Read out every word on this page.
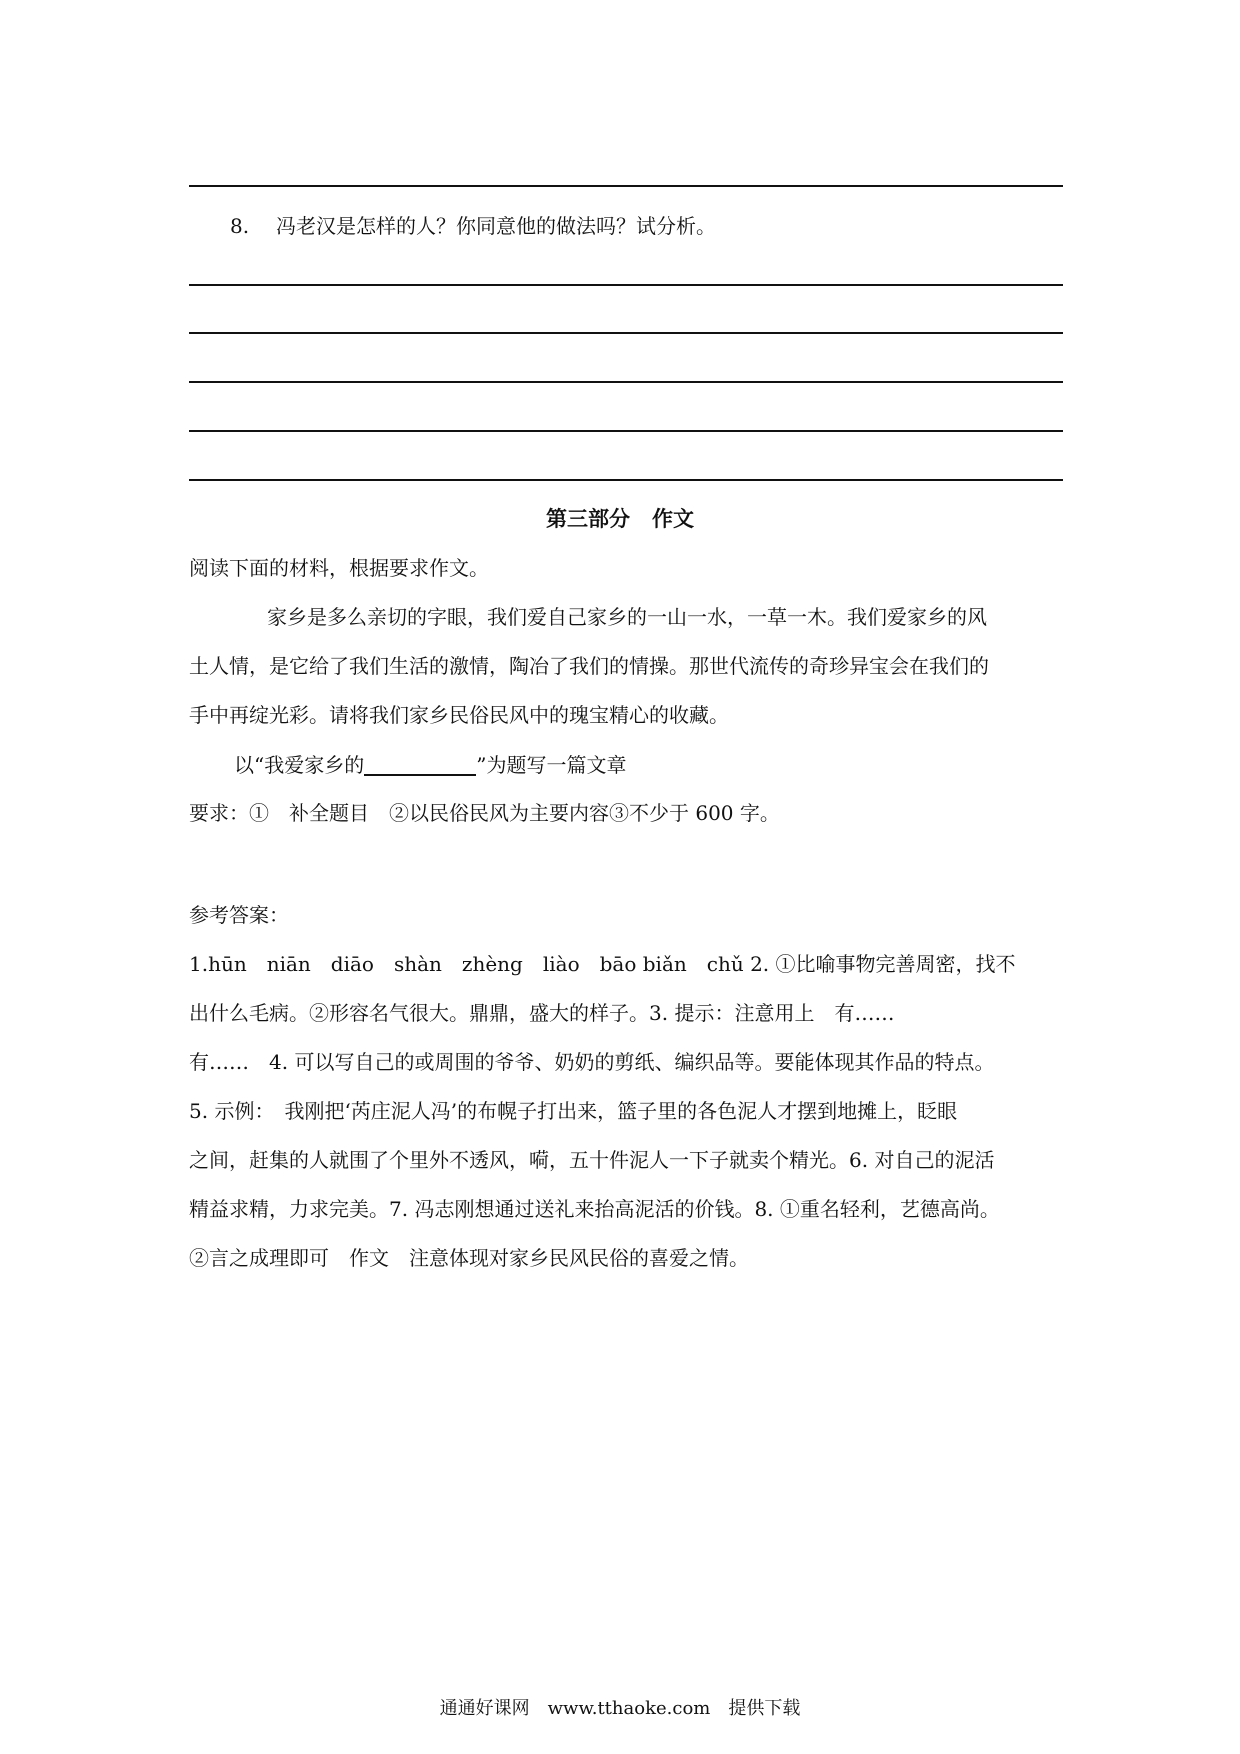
8. 冯老汉是怎样的人？你同意他的做法吗？试分析。
第三部分 作文
阅读下面的材料，根据要求作文。
家乡是多么亲切的字眼，我们爱自己家乡的一山一水，一草一木。我们爱家乡的风
土人情，是它给了我们生活的激情，陶冶了我们的情操。那世代流传的奇珍异宝会在我们的
手中再绽光彩。请将我们家乡民俗民风中的瑰宝精心的收藏。
以“我爱家乡的	”为题写一篇文章
要求：①　补全题目　②以民俗民风为主要内容③不少于 600 字。
参考答案：
1.hūn　niān　diāo　shàn　zhèng　liào　bāo biǎn　chǔ 2. ①比喻事物完善周密，找不
出什么毛病。②形容名气很大。鼎鼎，盛大的样子。3. 提示：注意用上　有……
有……　4. 可以写自己的或周围的爷爷、奶奶的剪纸、编织品等。要能体现其作品的特点。
5. 示例：　我刚把‘芮庄泥人冯’的布幌子打出来，篮子里的各色泥人才摆到地摊上，眨眼
之间，赶集的人就围了个里外不透风，嗬，五十件泥人一下子就卖个精光。6. 对自己的泥活
精益求精，力求完美。7. 冯志刚想通过送礼来抬高泥活的价钱。8. ①重名轻利，艺德高尚。
②言之成理即可　作文　注意体现对家乡民风民俗的喜爱之情。
通通好课网　www.tthaoke.com　提供下载
